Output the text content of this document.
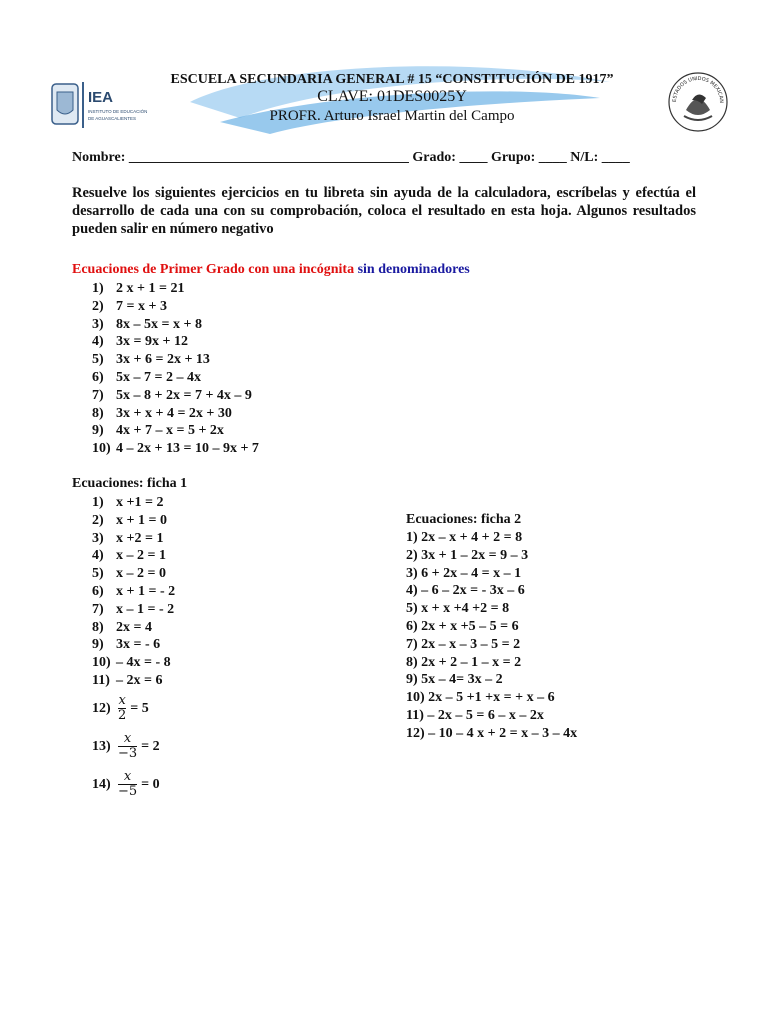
IEA
INSTITUTO DE EDUCACIÓN
DE AGUASCALIENTES
ESTADOS UNIDOS MEXICAN
ESCUELA SECUNDARIA GENERAL # 15 “CONSTITUCIÓN DE 1917”
CLAVE: 01DES0025Y
PROFR. Arturo Israel Martin del Campo
Nombre: ________________________________________ Grado: ____ Grupo: ____ N/L: ____
Resuelve los siguientes ejercicios en tu libreta sin ayuda de la calculadora, escríbelas y efectúa el desarrollo de cada una con su comprobación, coloca el resultado en esta hoja. Algunos resultados pueden salir en número negativo
Ecuaciones de Primer Grado con una incógnita sin denominadores
1) 2 x + 1 = 21
2) 7 = x + 3
3) 8x – 5x = x + 8
4) 3x = 9x + 12
5) 3x + 6 = 2x + 13
6) 5x – 7 = 2 – 4x
7) 5x – 8 + 2x = 7 + 4x – 9
8) 3x + x + 4 = 2x + 30
9) 4x + 7 – x = 5 + 2x
10) 4 – 2x + 13 = 10 – 9x + 7
Ecuaciones: ficha 1
1) x +1 = 2
2) x + 1 = 0
3) x +2 = 1
4) x – 2 = 1
5) x – 2 = 0
6) x + 1 = - 2
7) x – 1 = - 2
8) 2x = 4
9) 3x = - 6
10) – 4x = - 8
11) – 2x = 6
$12) \frac{x}{2} = 5$
$13) \frac{x}{-3} = 2$
$14) \frac{x}{-5} = 0$
Ecuaciones: ficha 2
1) 2x – x + 4 + 2 = 8
2) 3x + 1 – 2x = 9 – 3
3) 6 + 2x – 4 = x – 1
4) – 6 – 2x = - 3x – 6
5) x + x +4 +2 = 8
6) 2x + x +5 – 5 = 6
7) 2x – x – 3 – 5 = 2
8) 2x + 2 – 1 – x = 2
9) 5x – 4= 3x – 2
10) 2x – 5 +1 +x = + x – 6
11) – 2x – 5 = 6 – x – 2x
12) – 10 – 4 x + 2 = x – 3 – 4x
